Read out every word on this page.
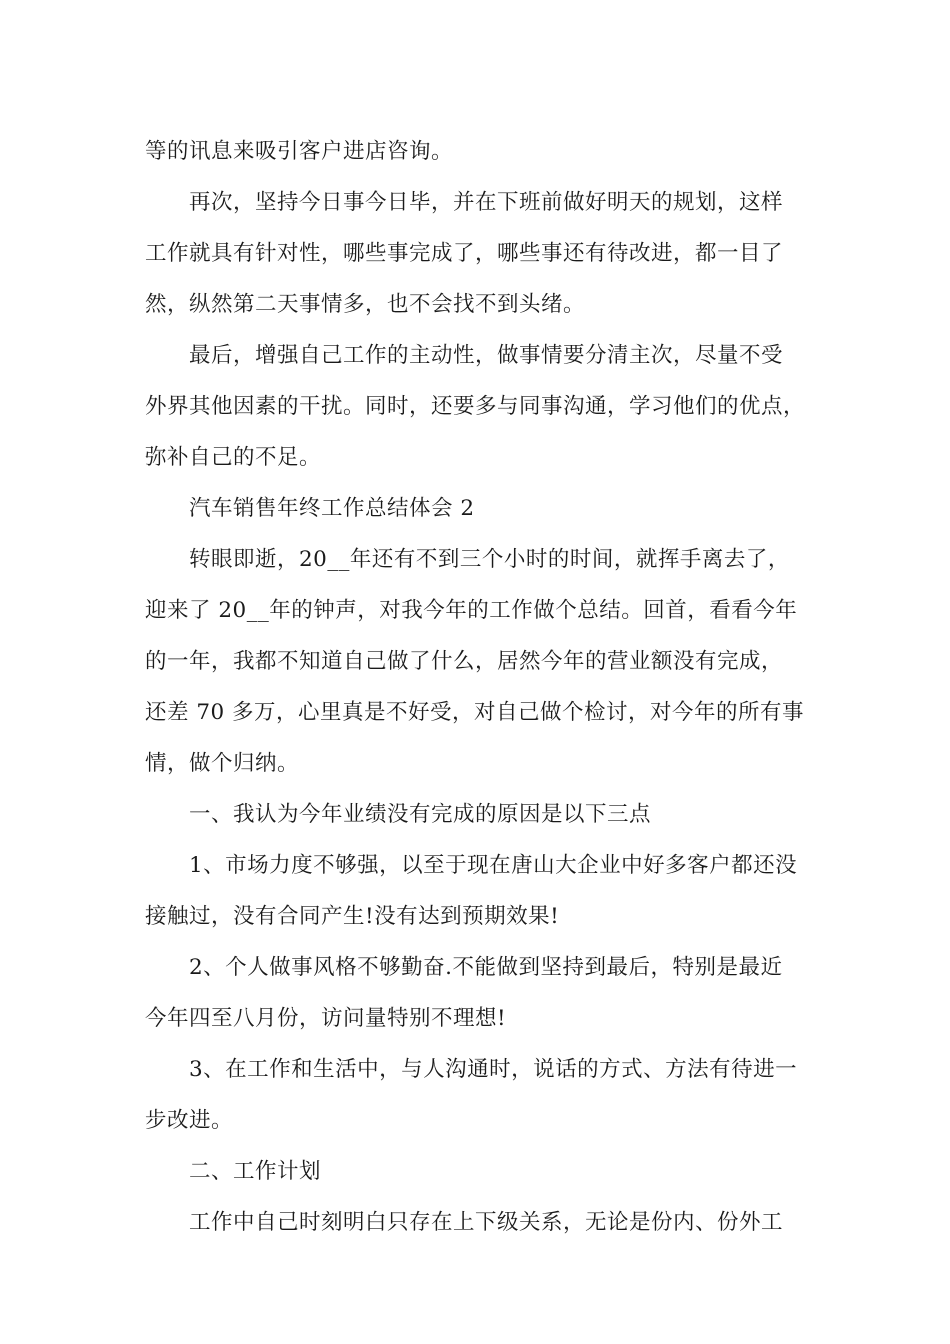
等的讯息来吸引客户进店咨询。
再次，坚持今日事今日毕，并在下班前做好明天的规划，这样
工作就具有针对性，哪些事完成了，哪些事还有待改进，都一目了
然，纵然第二天事情多，也不会找不到头绪。
最后，增强自己工作的主动性，做事情要分清主次，尽量不受
外界其他因素的干扰。同时，还要多与同事沟通，学习他们的优点，
弥补自己的不足。
汽车销售年终工作总结体会 2
转眼即逝，20__年还有不到三个小时的时间，就挥手离去了，
迎来了 20__年的钟声，对我今年的工作做个总结。回首，看看今年
的一年，我都不知道自己做了什么，居然今年的营业额没有完成，
还差 70 多万，心里真是不好受，对自己做个检讨，对今年的所有事
情，做个归纳。
一、我认为今年业绩没有完成的原因是以下三点
1、市场力度不够强，以至于现在唐山大企业中好多客户都还没
接触过，没有合同产生!没有达到预期效果!
2、个人做事风格不够勤奋.不能做到坚持到最后，特别是最近
今年四至八月份，访问量特别不理想!
3、在工作和生活中，与人沟通时，说话的方式、方法有待进一
步改进。
二、工作计划
工作中自己时刻明白只存在上下级关系，无论是份内、份外工
